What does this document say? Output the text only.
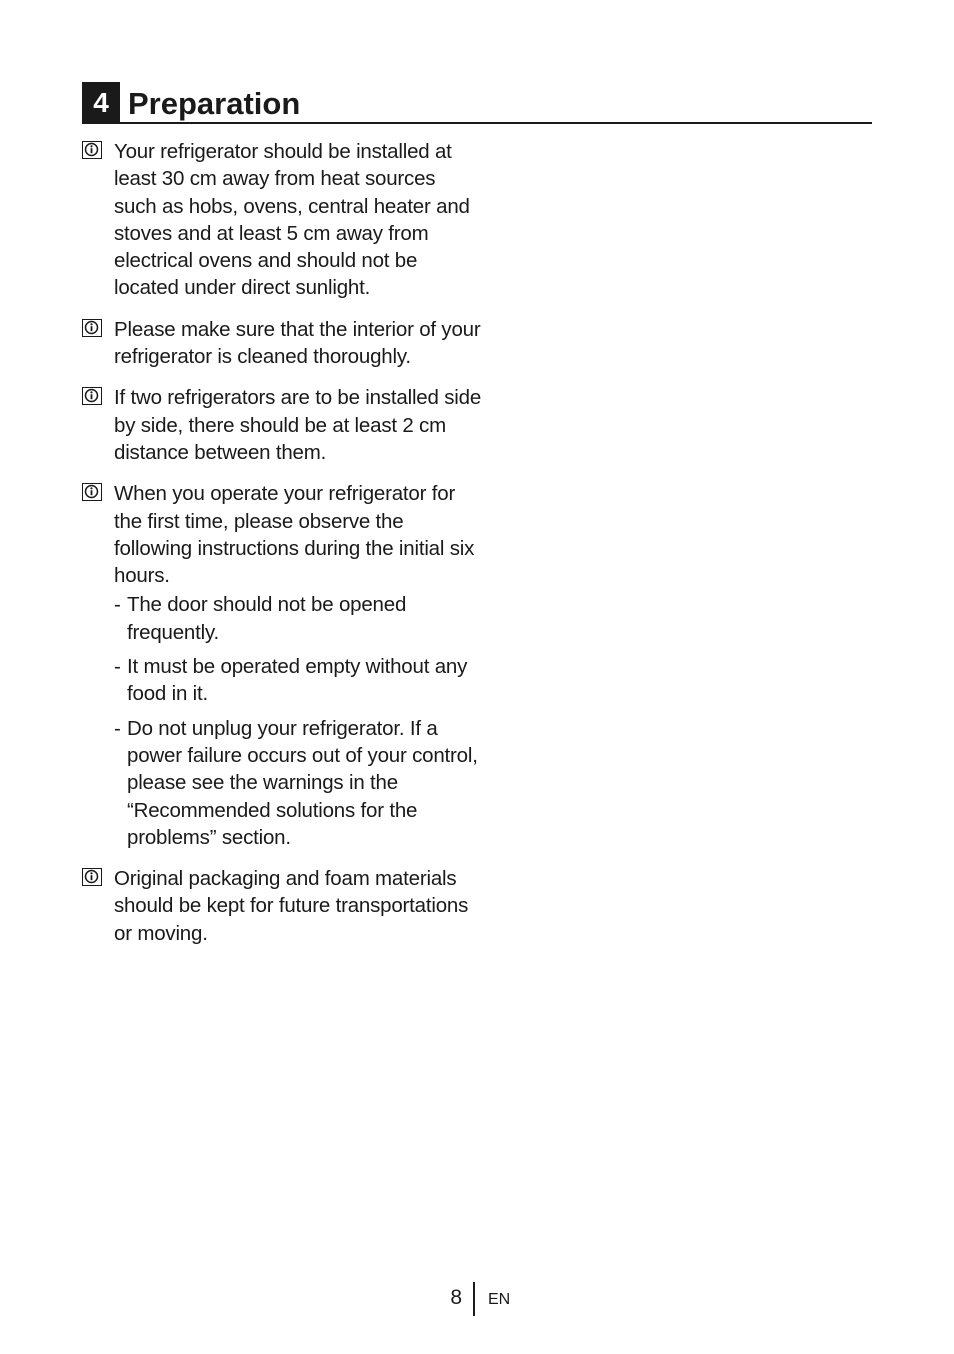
4 Preparation

Your refrigerator should be installed at least 30 cm away from heat sources such as hobs, ovens, central heater and stoves and at least 5 cm away from electrical ovens and should not be located under direct sunlight.

Please make sure that the interior of your refrigerator is cleaned thoroughly.

If two refrigerators are to be installed side by side, there should be at least 2 cm distance between them.

When you operate your refrigerator for the first time, please observe the following instructions during the initial six hours.

- The door should not be opened frequently.
- It must be operated empty without any food in it.
- Do not unplug your refrigerator. If a power failure occurs out of your control, please see the warnings in the “Recommended solutions for the problems” section.

Original packaging and foam materials should be kept for future transportations or moving.

8 EN
